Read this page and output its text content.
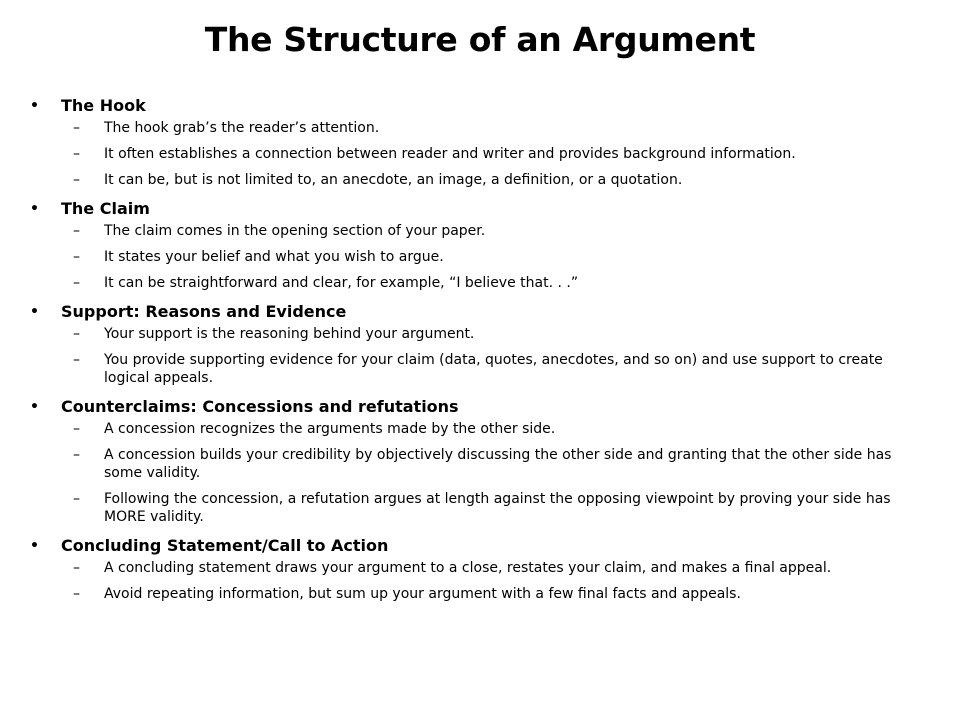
The Structure of an Argument
• The Hook
– The hook grab’s the reader’s attention.
– It often establishes a connection between reader and writer and provides background information.
– It can be, but is not limited to, an anecdote, an image, a definition, or a quotation.
• The Claim
– The claim comes in the opening section of your paper.
– It states your belief and what you wish to argue.
– It can be straightforward and clear, for example, “I believe that. . .”
• Support: Reasons and Evidence
– Your support is the reasoning behind your argument.
– You provide supporting evidence for your claim (data, quotes, anecdotes, and so on) and use support to create logical appeals.
• Counterclaims: Concessions and refutations
– A concession recognizes the arguments made by the other side.
– A concession builds your credibility by objectively discussing the other side and granting that the other side has some validity.
– Following the concession, a refutation argues at length against the opposing viewpoint by proving your side has MORE validity.
• Concluding Statement/Call to Action
– A concluding statement draws your argument to a close, restates your claim, and makes a final appeal.
– Avoid repeating information, but sum up your argument with a few final facts and appeals.
